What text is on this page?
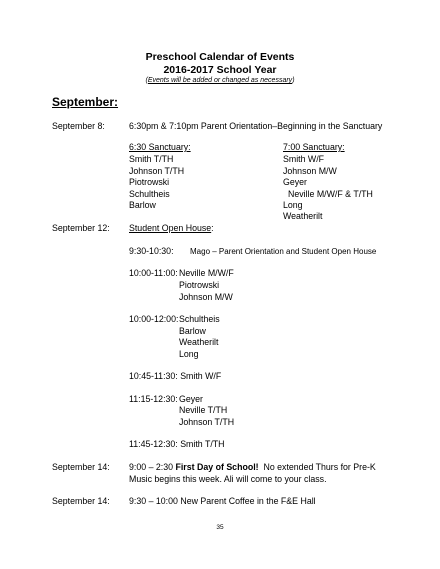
Preschool Calendar of Events
2016-2017 School Year
(Events will be added or changed as necessary)
September:
September 8:	6:30pm & 7:10pm Parent Orientation–Beginning in the Sanctuary
6:30 Sanctuary:
Smith T/TH
Johnson T/TH
Piotrowski
Schultheis
Barlow
7:00 Sanctuary:
Smith W/F
Johnson M/W
Geyer
Neville M/W/F & T/TH
Long
Weatherilt
September 12: Student Open House:
9:30-10:30: Mago – Parent Orientation and Student Open House
10:00-11:00: Neville M/W/F
Piotrowski
Johnson M/W
10:00-12:00: Schultheis
Barlow
Weatherilt
Long
10:45-11:30: Smith W/F
11:15-12:30: Geyer
Neville T/TH
Johnson T/TH
11:45-12:30: Smith T/TH
September 14: 9:00 – 2:30 First Day of School! No extended Thurs for Pre-K
Music begins this week. Ali will come to your class.
September 14: 9:30 – 10:00 New Parent Coffee in the F&E Hall
35
